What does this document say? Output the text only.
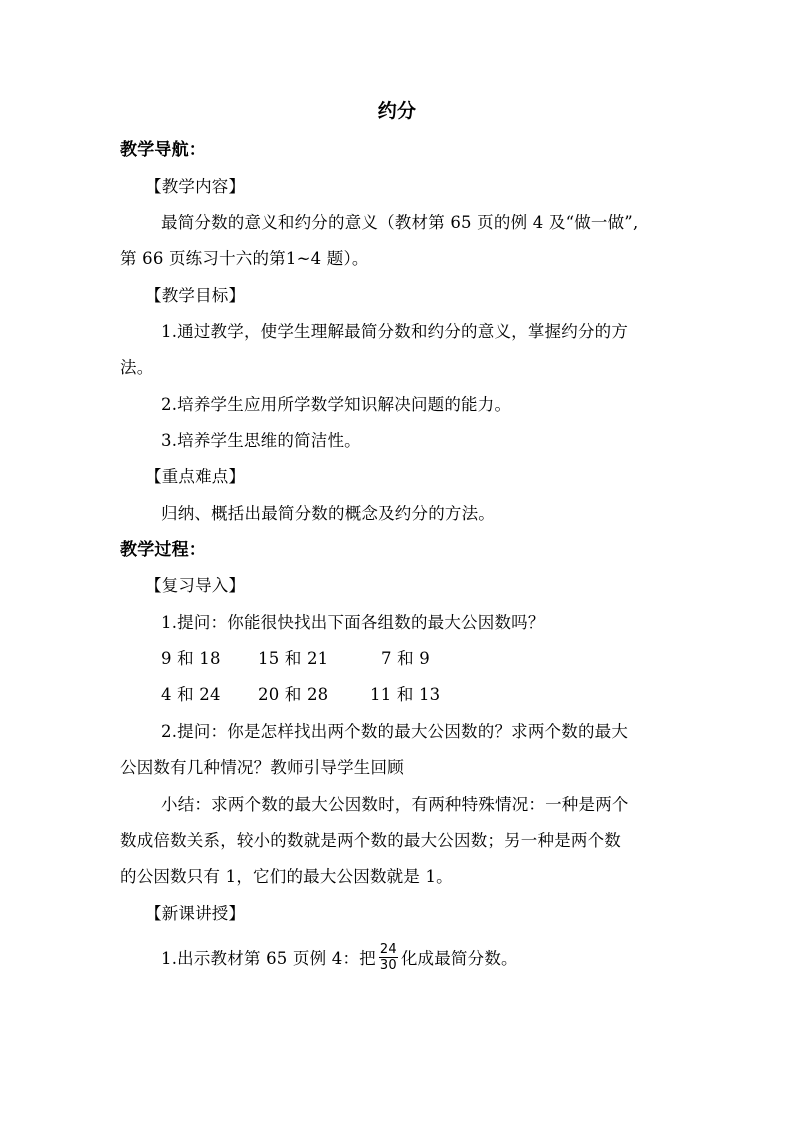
约分
教学导航：
【教学内容】
最简分数的意义和约分的意义（教材第 65 页的例 4 及“做一做”,
第 66 页练习十六的第1~4 题）。
【教学目标】
1.通过教学，使学生理解最简分数和约分的意义，掌握约分的方
法。
2.培养学生应用所学数学知识解决问题的能力。
3.培养学生思维的简洁性。
【重点难点】
归纳、概括出最简分数的概念及约分的方法。
教学过程：
【复习导入】
1.提问：你能很快找出下面各组数的最大公因数吗？
9 和 18 15 和 21	7 和 9
4 和 24 20 和 28	11 和 13
2.提问：你是怎样找出两个数的最大公因数的？求两个数的最大
公因数有几种情况？教师引导学生回顾
小结：求两个数的最大公因数时，有两种特殊情况：一种是两个
数成倍数关系，较小的数就是两个数的最大公因数；另一种是两个数
的公因数只有 1，它们的最大公因数就是 1。
【新课讲授】
1.出示教材第 65 页例 4：把 $\frac{24}{30}$ 化成最简分数。
